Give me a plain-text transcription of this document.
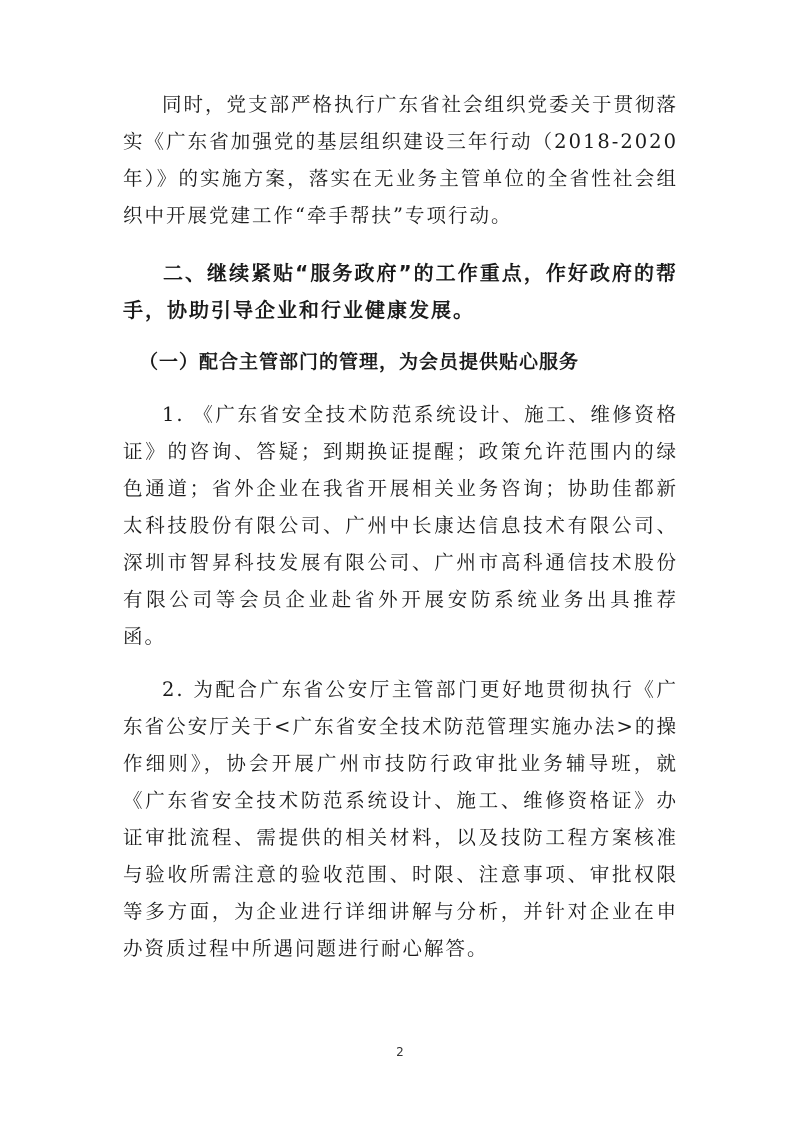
同时，党支部严格执行广东省社会组织党委关于贯彻落实《广东省加强党的基层组织建设三年行动（2018-2020年）》的实施方案，落实在无业务主管单位的全省性社会组织中开展党建工作“牵手帮扶”专项行动。

二、继续紧贴“服务政府”的工作重点，作好政府的帮手，协助引导企业和行业健康发展。

（一）配合主管部门的管理，为会员提供贴心服务

1. 《广东省安全技术防范系统设计、施工、维修资格证》的咨询、答疑；到期换证提醒；政策允许范围内的绿色通道；省外企业在我省开展相关业务咨询；协助佳都新太科技股份有限公司、广州中长康达信息技术有限公司、深圳市智昇科技发展有限公司、广州市高科通信技术股份有限公司等会员企业赴省外开展安防系统业务出具推荐函。

2. 为配合广东省公安厅主管部门更好地贯彻执行《广东省公安厅关于<广东省安全技术防范管理实施办法>的操作细则》，协会开展广州市技防行政审批业务辅导班，就《广东省安全技术防范系统设计、施工、维修资格证》办证审批流程、需提供的相关材料，以及技防工程方案核准与验收所需注意的验收范围、时限、注意事项、审批权限等多方面，为企业进行详细讲解与分析，并针对企业在申办资质过程中所遇问题进行耐心解答。

2
